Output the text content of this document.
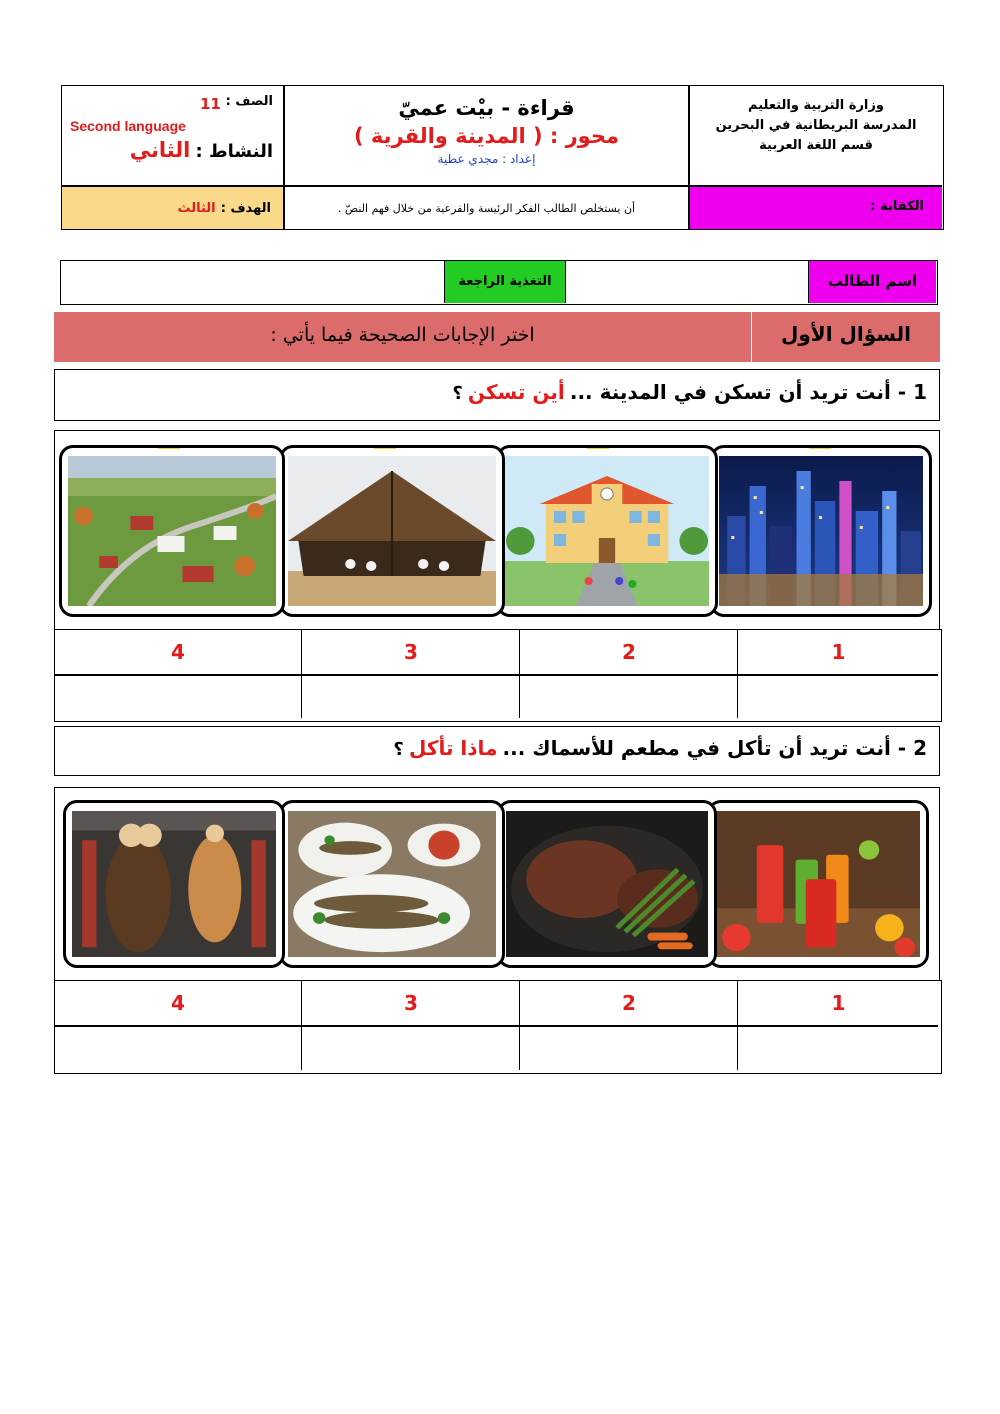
وزارة التربية والتعليم
المدرسة البريطانية في البحرين
قسم اللغة العربية
قراءة - بيْت عميّ
محور : ( المدينة والقرية )
إعداد : مجدي عطية
الصف :
11
Second language
النشاط : الثاني
الكفاية :
أن يستخلص الطالب الفكر الرئيسة والفرعية من خلال فهم النصّ .
الهدف : الثالث
اسم الطالب
التغذية الراجعة
السؤال الأول
اختر الإجابات الصحيحة فيما يأتي :
1 - أنت تريد أن تسكن في المدينة ... أين تسكن ؟
1
2
3
4
2 - أنت تريد أن تأكل في مطعم للأسماك ... ماذا تأكل ؟
1
2
3
4
